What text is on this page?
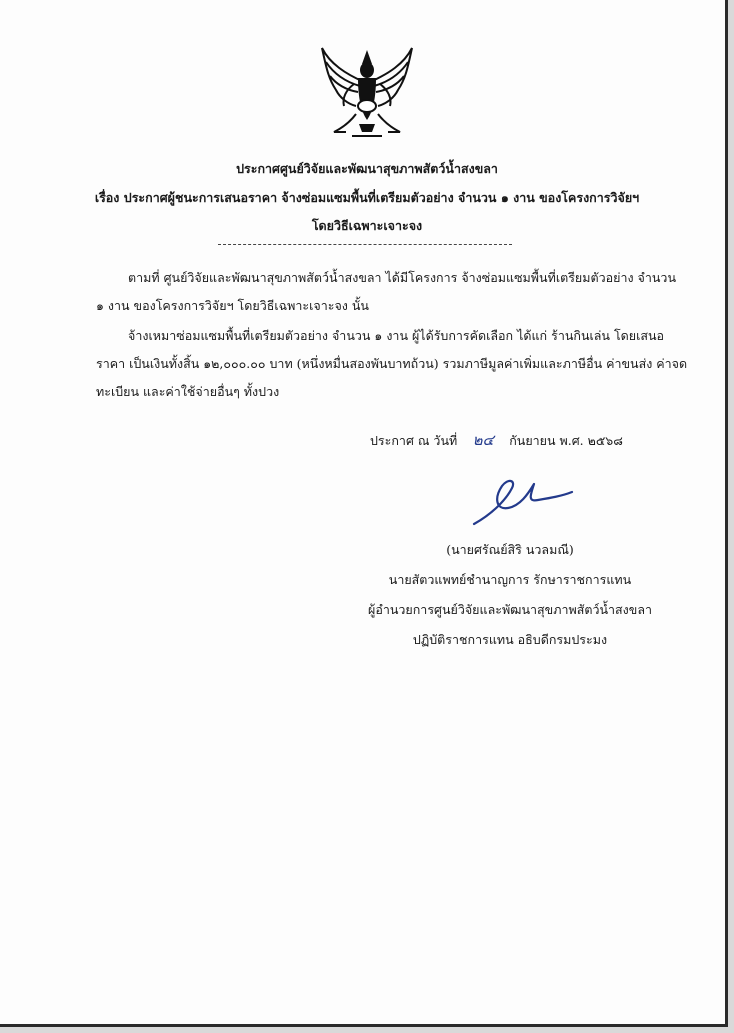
ประกาศศูนย์วิจัยและพัฒนาสุขภาพสัตว์น้ำสงขลา
เรื่อง ประกาศผู้ชนะการเสนอราคา จ้างซ่อมแซมพื้นที่เตรียมตัวอย่าง จำนวน ๑ งาน ของโครงการวิจัยฯ
โดยวิธีเฉพาะเจาะจง
ตามที่ ศูนย์วิจัยและพัฒนาสุขภาพสัตว์น้ำสงขลา ได้มีโครงการ จ้างซ่อมแซมพื้นที่เตรียมตัวอย่าง จำนวน
๑ งาน ของโครงการวิจัยฯ โดยวิธีเฉพาะเจาะจง นั้น
จ้างเหมาซ่อมแซมพื้นที่เตรียมตัวอย่าง จำนวน ๑ งาน ผู้ได้รับการคัดเลือก ได้แก่ ร้านกินเล่น โดยเสนอ
ราคา เป็นเงินทั้งสิ้น ๑๒,๐๐๐.๐๐ บาท (หนึ่งหมื่นสองพันบาทถ้วน) รวมภาษีมูลค่าเพิ่มและภาษีอื่น ค่าขนส่ง ค่าจด
ทะเบียน และค่าใช้จ่ายอื่นๆ ทั้งปวง
ประกาศ ณ วันที่ ๒๔ กันยายน พ.ศ. ๒๕๖๘
(นายศรัณย์สิริ นวลมณี)
นายสัตวแพทย์ชำนาญการ รักษาราชการแทน
ผู้อำนวยการศูนย์วิจัยและพัฒนาสุขภาพสัตว์น้ำสงขลา
ปฏิบัติราชการแทน อธิบดีกรมประมง
